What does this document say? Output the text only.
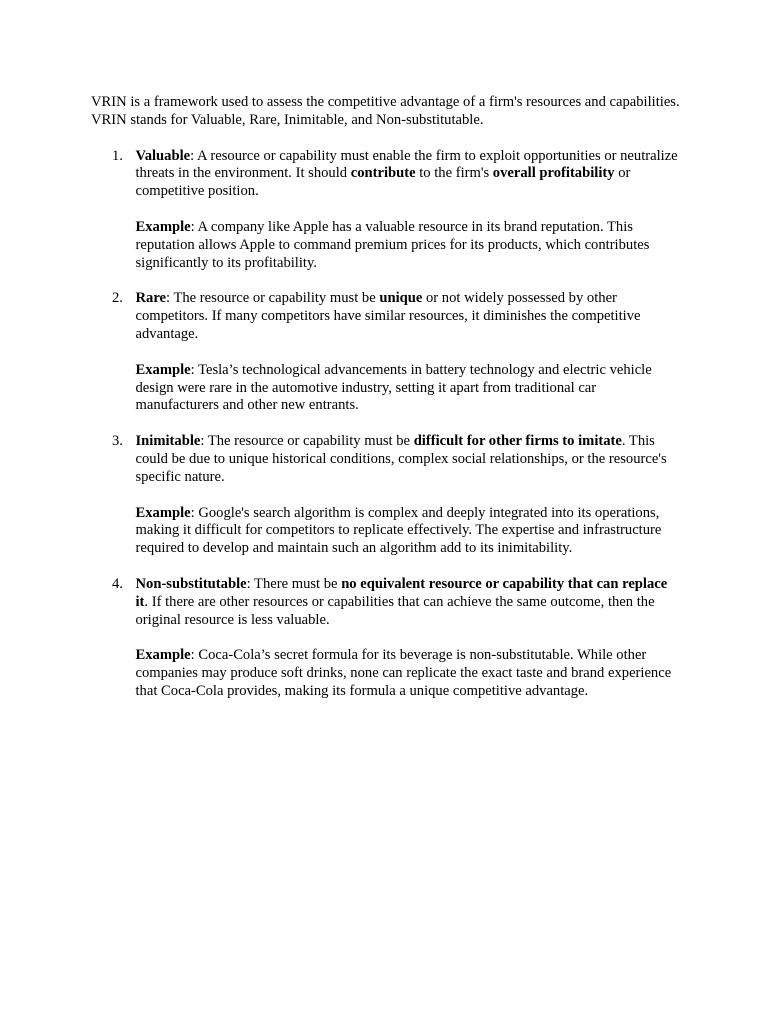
VRIN is a framework used to assess the competitive advantage of a firm's resources and capabilities. VRIN stands for Valuable, Rare, Inimitable, and Non-substitutable.

1. Valuable: A resource or capability must enable the firm to exploit opportunities or neutralize threats in the environment. It should contribute to the firm's overall profitability or competitive position.

Example: A company like Apple has a valuable resource in its brand reputation. This reputation allows Apple to command premium prices for its products, which contributes significantly to its profitability.

2. Rare: The resource or capability must be unique or not widely possessed by other competitors. If many competitors have similar resources, it diminishes the competitive advantage.

Example: Tesla’s technological advancements in battery technology and electric vehicle design were rare in the automotive industry, setting it apart from traditional car manufacturers and other new entrants.

3. Inimitable: The resource or capability must be difficult for other firms to imitate. This could be due to unique historical conditions, complex social relationships, or the resource's specific nature.

Example: Google's search algorithm is complex and deeply integrated into its operations, making it difficult for competitors to replicate effectively. The expertise and infrastructure required to develop and maintain such an algorithm add to its inimitability.

4. Non-substitutable: There must be no equivalent resource or capability that can replace it. If there are other resources or capabilities that can achieve the same outcome, then the original resource is less valuable.

Example: Coca-Cola’s secret formula for its beverage is non-substitutable. While other companies may produce soft drinks, none can replicate the exact taste and brand experience that Coca-Cola provides, making its formula a unique competitive advantage.
